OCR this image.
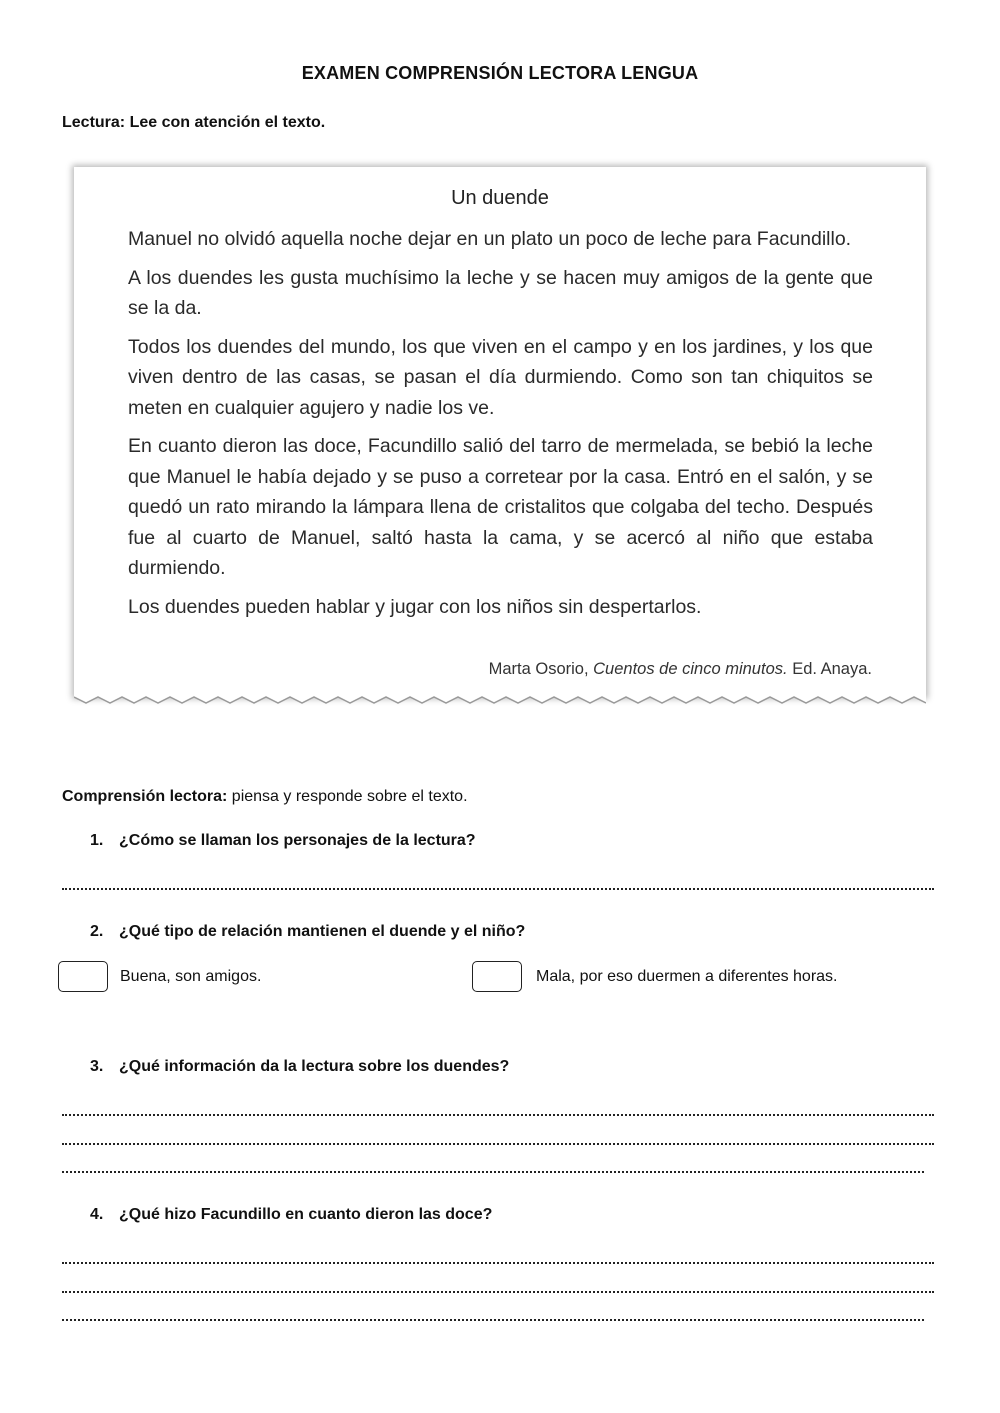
EXAMEN COMPRENSIÓN LECTORA LENGUA
Lectura: Lee con atención el texto.
Un duende

Manuel no olvidó aquella noche dejar en un plato un poco de leche para Facundillo.

A los duendes les gusta muchísimo la leche y se hacen muy amigos de la gente que se la da.

Todos los duendes del mundo, los que viven en el campo y en los jardines, y los que viven dentro de las casas, se pasan el día durmiendo. Como son tan chiquitos se meten en cualquier agujero y nadie los ve.

En cuanto dieron las doce, Facundillo salió del tarro de mermelada, se bebió la leche que Manuel le había dejado y se puso a corretear por la casa. Entró en el salón, y se quedó un rato mirando la lámpara llena de cristalitos que colgaba del techo. Después fue al cuarto de Manuel, saltó hasta la cama, y se acercó al niño que estaba durmiendo.

Los duendes pueden hablar y jugar con los niños sin despertarlos.

Marta Osorio, Cuentos de cinco minutos. Ed. Anaya.
Comprensión lectora: piensa y responde sobre el texto.
1. ¿Cómo se llaman los personajes de la lectura?
2. ¿Qué tipo de relación mantienen el duende y el niño?
Buena, son amigos.	Mala, por eso duermen a diferentes horas.
3. ¿Qué información da la lectura sobre los duendes?
4. ¿Qué hizo Facundillo en cuanto dieron las doce?
